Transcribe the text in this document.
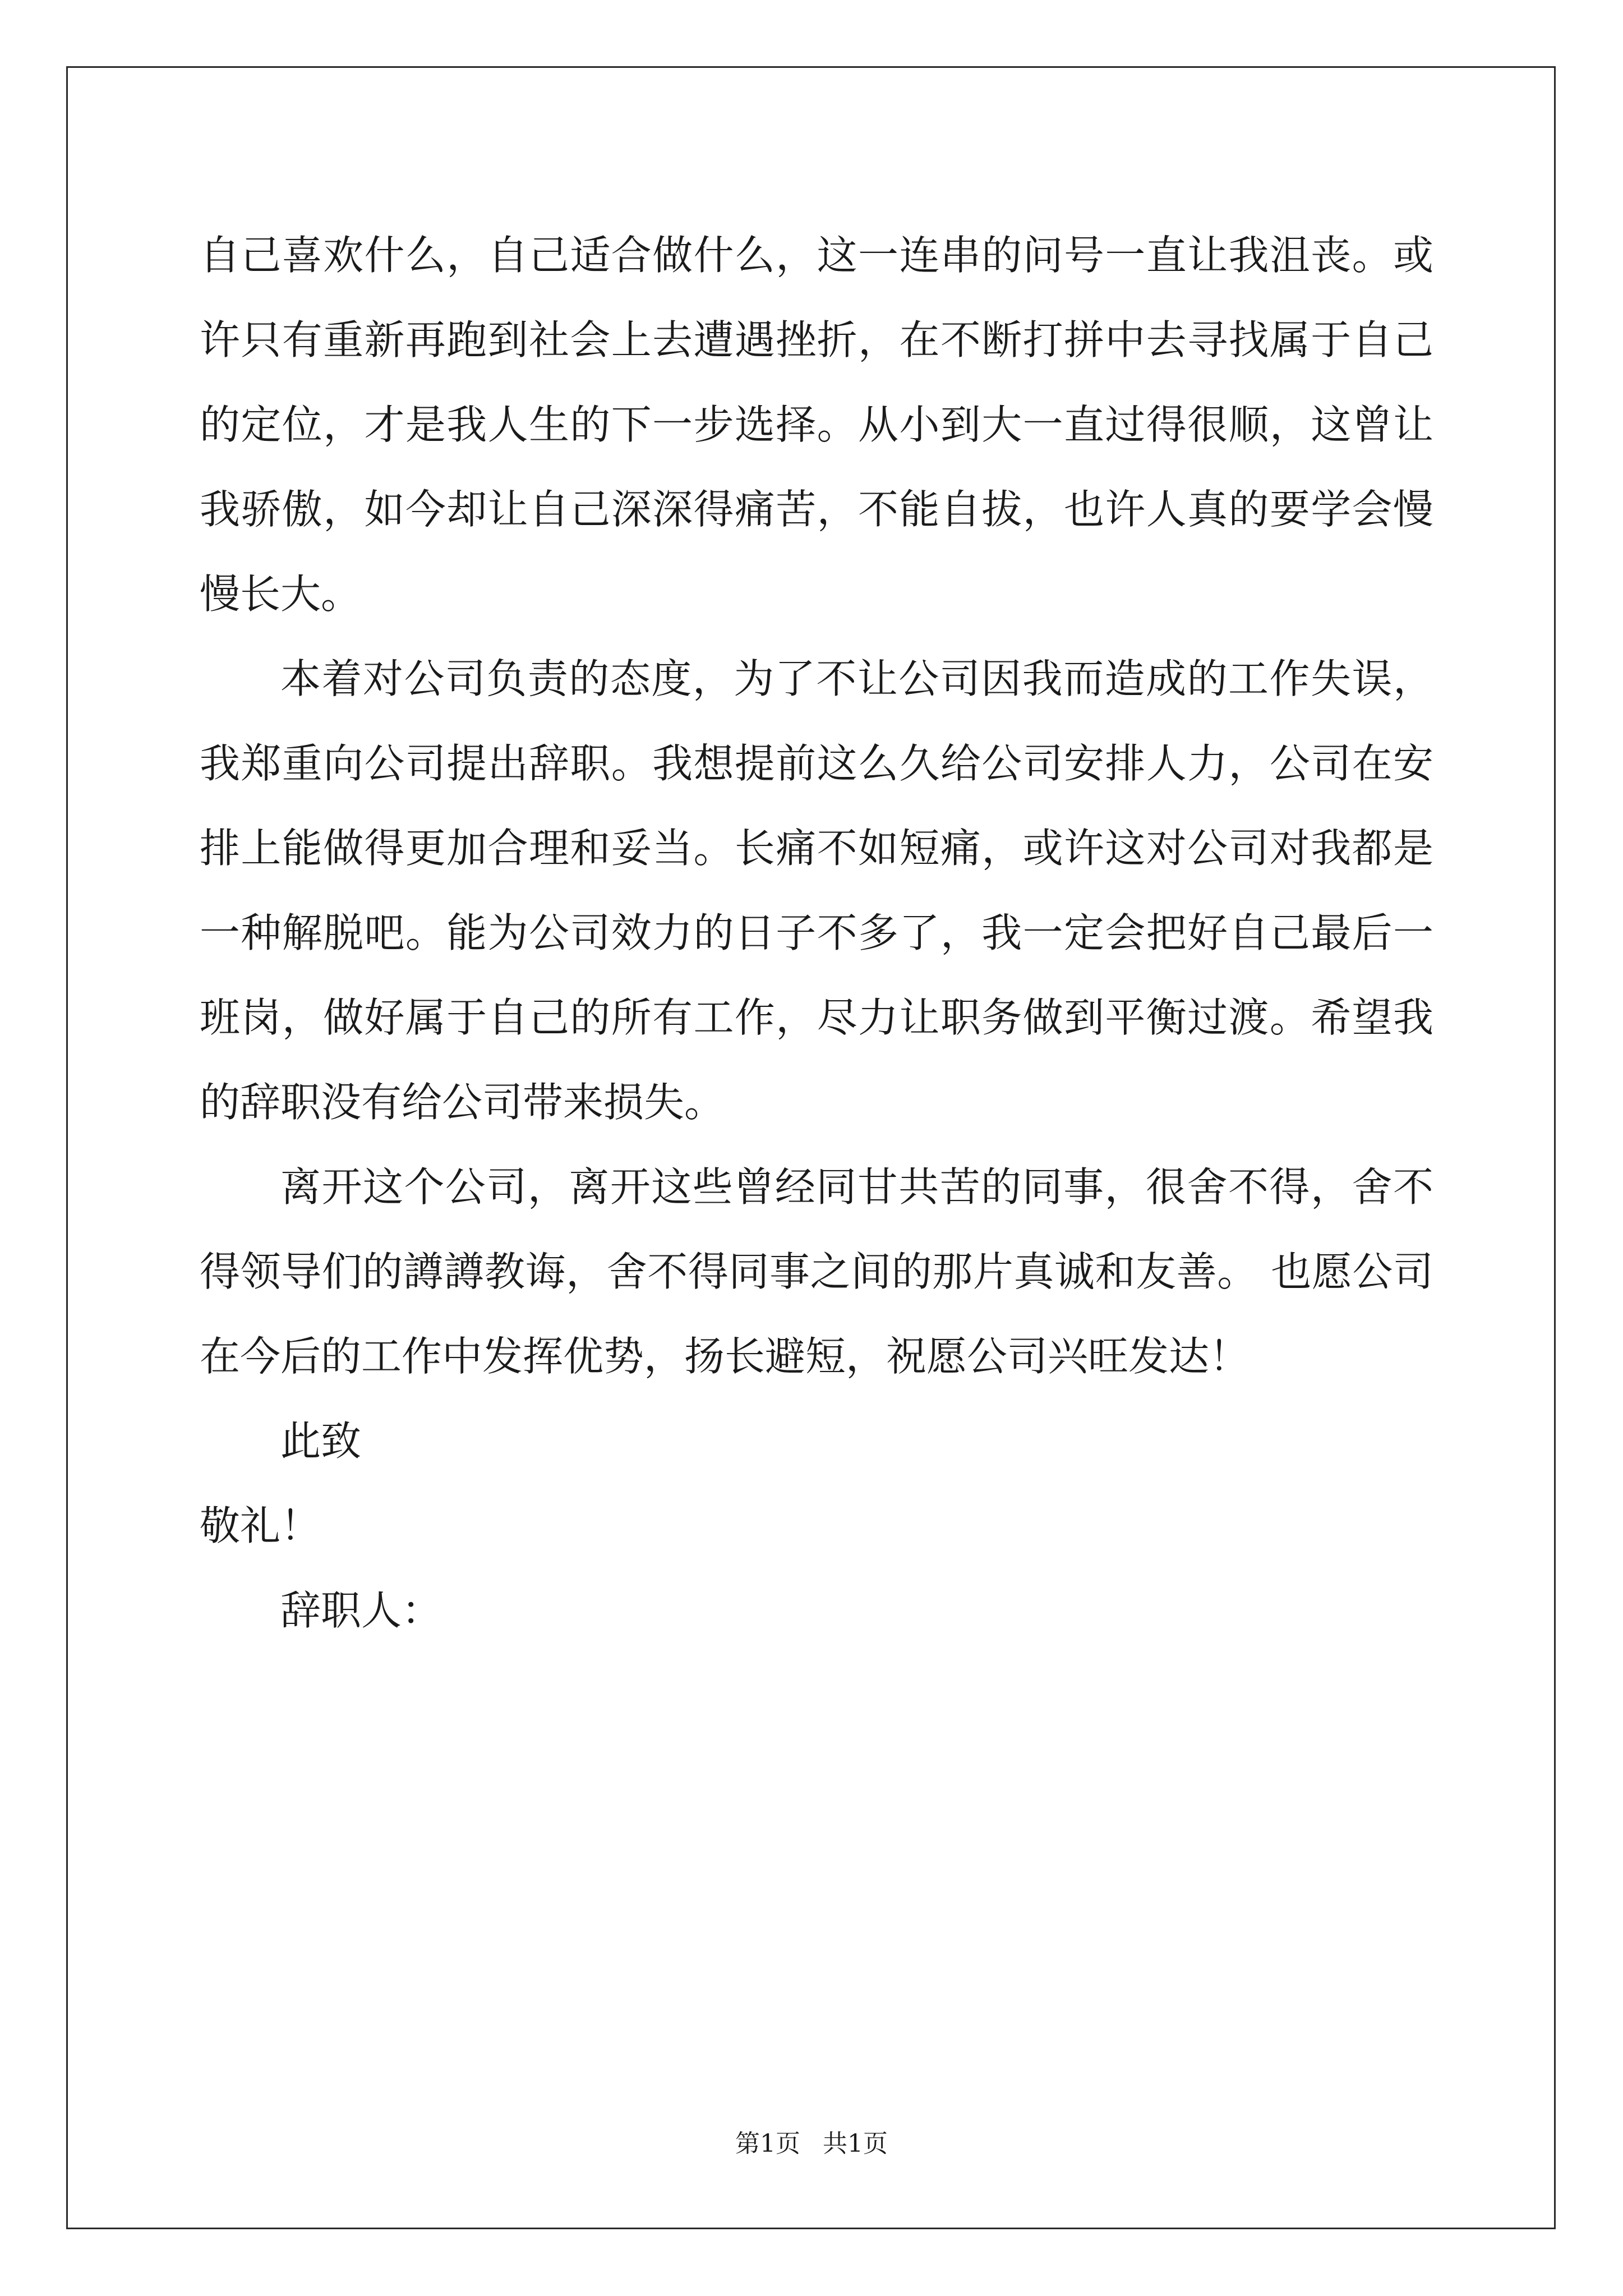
自己喜欢什么，自己适合做什么，这一连串的问号一直让我沮丧。或许只有重新再跑到社会上去遭遇挫折，在不断打拼中去寻找属于自己的定位，才是我人生的下一步选择。从小到大一直过得很顺，这曾让我骄傲，如今却让自己深深得痛苦，不能自拔，也许人真的要学会慢慢长大。

本着对公司负责的态度，为了不让公司因我而造成的工作失误，我郑重向公司提出辞职。我想提前这么久给公司安排人力，公司在安排上能做得更加合理和妥当。长痛不如短痛，或许这对公司对我都是一种解脱吧。能为公司效力的日子不多了，我一定会把好自己最后一班岗，做好属于自己的所有工作，尽力让职务做到平衡过渡。希望我的辞职没有给公司带来损失。

离开这个公司，离开这些曾经同甘共苦的同事，很舍不得，舍不得领导们的譐譐教诲，舍不得同事之间的那片真诚和友善。 也愿公司在今后的工作中发挥优势，扬长避短，祝愿公司兴旺发达！

此致

敬礼！

辞职人：

第1页 共1页
